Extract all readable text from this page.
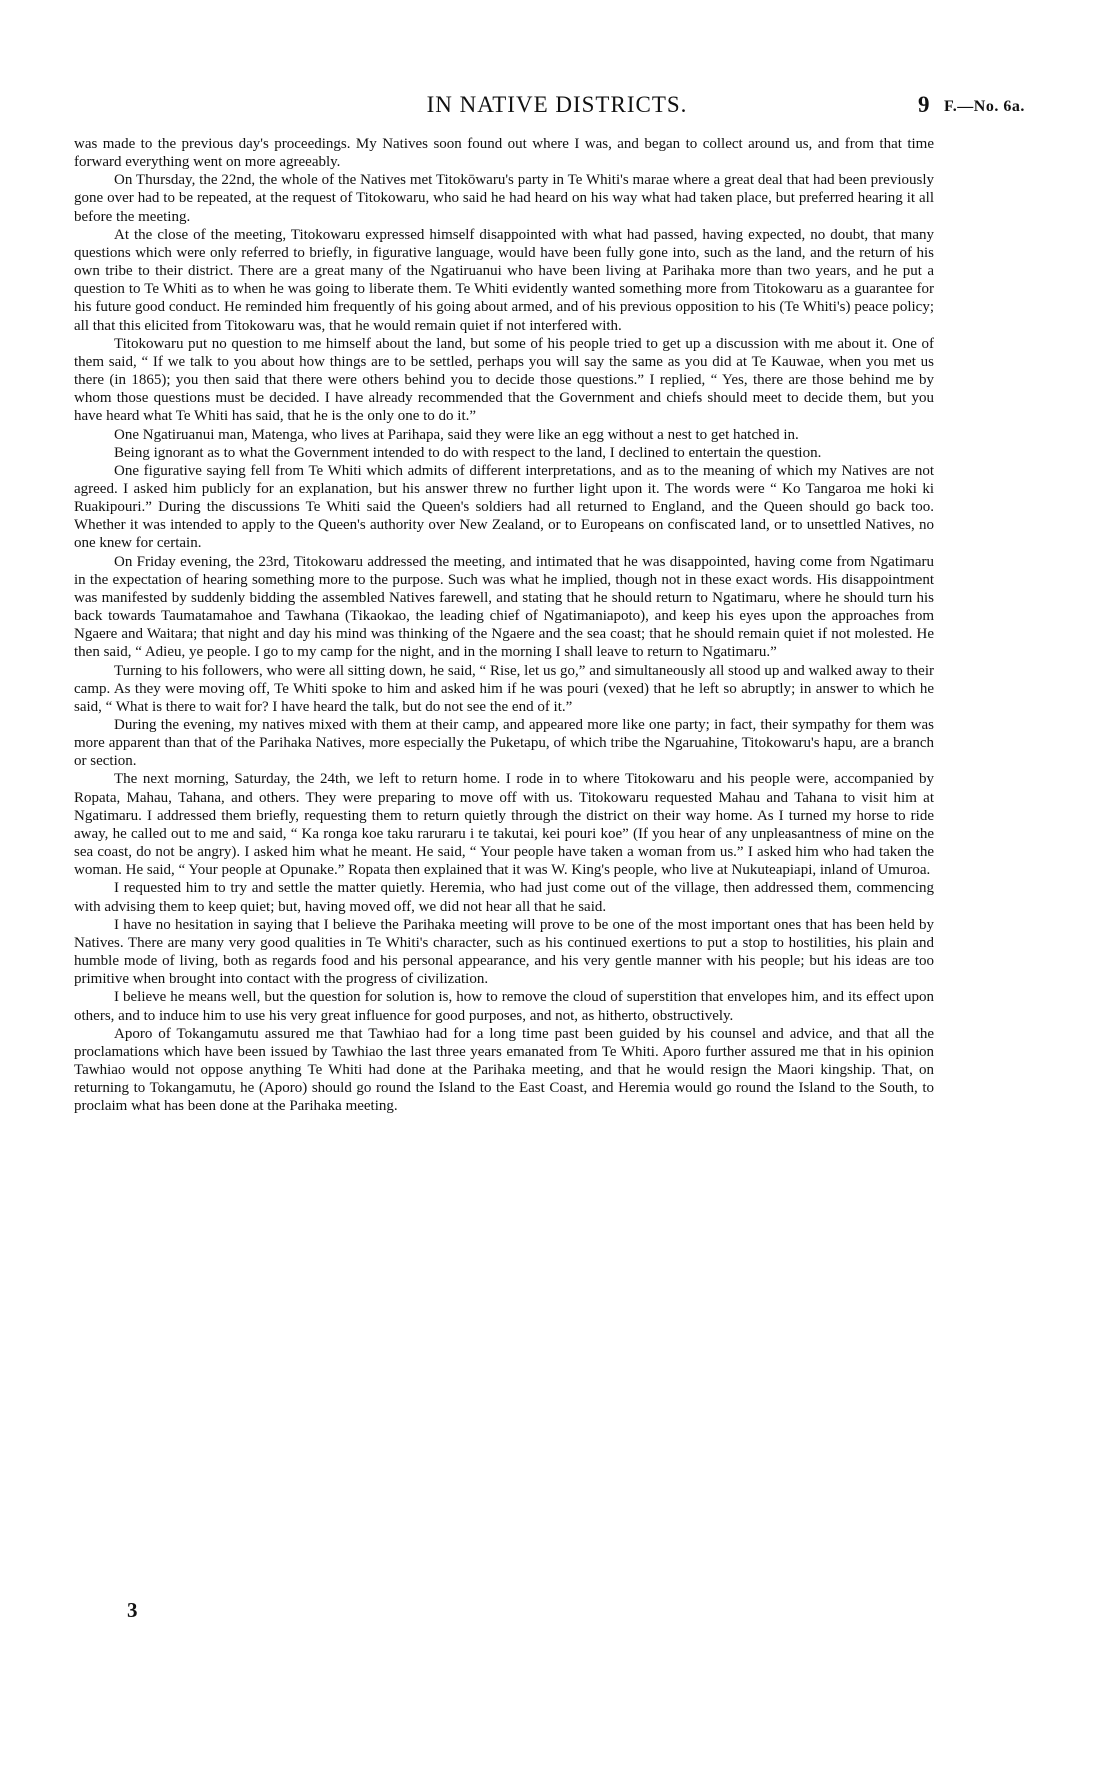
IN NATIVE DISTRICTS.	9 F.—No. 6a.

was made to the previous day's proceedings. My Natives soon found out where I was, and began to collect around us, and from that time forward everything went on more agreeably.

On Thursday, the 22nd, the whole of the Natives met Titokōwaru's party in Te Whiti's marae where a great deal that had been previously gone over had to be repeated, at the request of Titokowaru, who said he had heard on his way what had taken place, but preferred hearing it all before the meeting.

At the close of the meeting, Titokowaru expressed himself disappointed with what had passed, having expected, no doubt, that many questions which were only referred to briefly, in figurative language, would have been fully gone into, such as the land, and the return of his own tribe to their district. There are a great many of the Ngatiruanui who have been living at Parihaka more than two years, and he put a question to Te Whiti as to when he was going to liberate them. Te Whiti evidently wanted something more from Titokowaru as a guarantee for his future good conduct. He reminded him frequently of his going about armed, and of his previous opposition to his (Te Whiti's) peace policy; all that this elicited from Titokowaru was, that he would remain quiet if not interfered with.

Titokowaru put no question to me himself about the land, but some of his people tried to get up a discussion with me about it. One of them said, “ If we talk to you about how things are to be settled, perhaps you will say the same as you did at Te Kauwae, when you met us there (in 1865); you then said that there were others behind you to decide those questions.” I replied, “ Yes, there are those behind me by whom those questions must be decided. I have already recommended that the Government and chiefs should meet to decide them, but you have heard what Te Whiti has said, that he is the only one to do it.”

One Ngatiruanui man, Matenga, who lives at Parihapa, said they were like an egg without a nest to get hatched in.

Being ignorant as to what the Government intended to do with respect to the land, I declined to entertain the question.

One figurative saying fell from Te Whiti which admits of different interpretations, and as to the meaning of which my Natives are not agreed. I asked him publicly for an explanation, but his answer threw no further light upon it. The words were “ Ko Tangaroa me hoki ki Ruakipouri.” During the discussions Te Whiti said the Queen's soldiers had all returned to England, and the Queen should go back too. Whether it was intended to apply to the Queen's authority over New Zealand, or to Europeans on confiscated land, or to unsettled Natives, no one knew for certain.

On Friday evening, the 23rd, Titokowaru addressed the meeting, and intimated that he was disappointed, having come from Ngatimaru in the expectation of hearing something more to the purpose. Such was what he implied, though not in these exact words. His disappointment was manifested by suddenly bidding the assembled Natives farewell, and stating that he should return to Ngatimaru, where he should turn his back towards Taumatamahoe and Tawhana (Tikaokao, the leading chief of Ngatimaniapoto), and keep his eyes upon the approaches from Ngaere and Waitara; that night and day his mind was thinking of the Ngaere and the sea coast; that he should remain quiet if not molested. He then said, “ Adieu, ye people. I go to my camp for the night, and in the morning I shall leave to return to Ngatimaru.”

Turning to his followers, who were all sitting down, he said, “ Rise, let us go,” and simultaneously all stood up and walked away to their camp. As they were moving off, Te Whiti spoke to him and asked him if he was pouri (vexed) that he left so abruptly; in answer to which he said, “ What is there to wait for? I have heard the talk, but do not see the end of it.”

During the evening, my natives mixed with them at their camp, and appeared more like one party; in fact, their sympathy for them was more apparent than that of the Parihaka Natives, more especially the Puketapu, of which tribe the Ngaruahine, Titokowaru's hapu, are a branch or section.

The next morning, Saturday, the 24th, we left to return home. I rode in to where Titokowaru and his people were, accompanied by Ropata, Mahau, Tahana, and others. They were preparing to move off with us. Titokowaru requested Mahau and Tahana to visit him at Ngatimaru. I addressed them briefly, requesting them to return quietly through the district on their way home. As I turned my horse to ride away, he called out to me and said, “ Ka ronga koe taku raruraru i te takutai, kei pouri koe” (If you hear of any unpleasantness of mine on the sea coast, do not be angry). I asked him what he meant. He said, “ Your people have taken a woman from us.” I asked him who had taken the woman. He said, “ Your people at Opunake.” Ropata then explained that it was W. King's people, who live at Nukuteapiapi, inland of Umuroa.

I requested him to try and settle the matter quietly. Heremia, who had just come out of the village, then addressed them, commencing with advising them to keep quiet; but, having moved off, we did not hear all that he said.

I have no hesitation in saying that I believe the Parihaka meeting will prove to be one of the most important ones that has been held by Natives. There are many very good qualities in Te Whiti's character, such as his continued exertions to put a stop to hostilities, his plain and humble mode of living, both as regards food and his personal appearance, and his very gentle manner with his people; but his ideas are too primitive when brought into contact with the progress of civilization.

I believe he means well, but the question for solution is, how to remove the cloud of superstition that envelopes him, and its effect upon others, and to induce him to use his very great influence for good purposes, and not, as hitherto, obstructively.

Aporo of Tokangamutu assured me that Tawhiao had for a long time past been guided by his counsel and advice, and that all the proclamations which have been issued by Tawhiao the last three years emanated from Te Whiti. Aporo further assured me that in his opinion Tawhiao would not oppose anything Te Whiti had done at the Parihaka meeting, and that he would resign the Maori kingship. That, on returning to Tokangamutu, he (Aporo) should go round the Island to the East Coast, and Heremia would go round the Island to the South, to proclaim what has been done at the Parihaka meeting.

3
